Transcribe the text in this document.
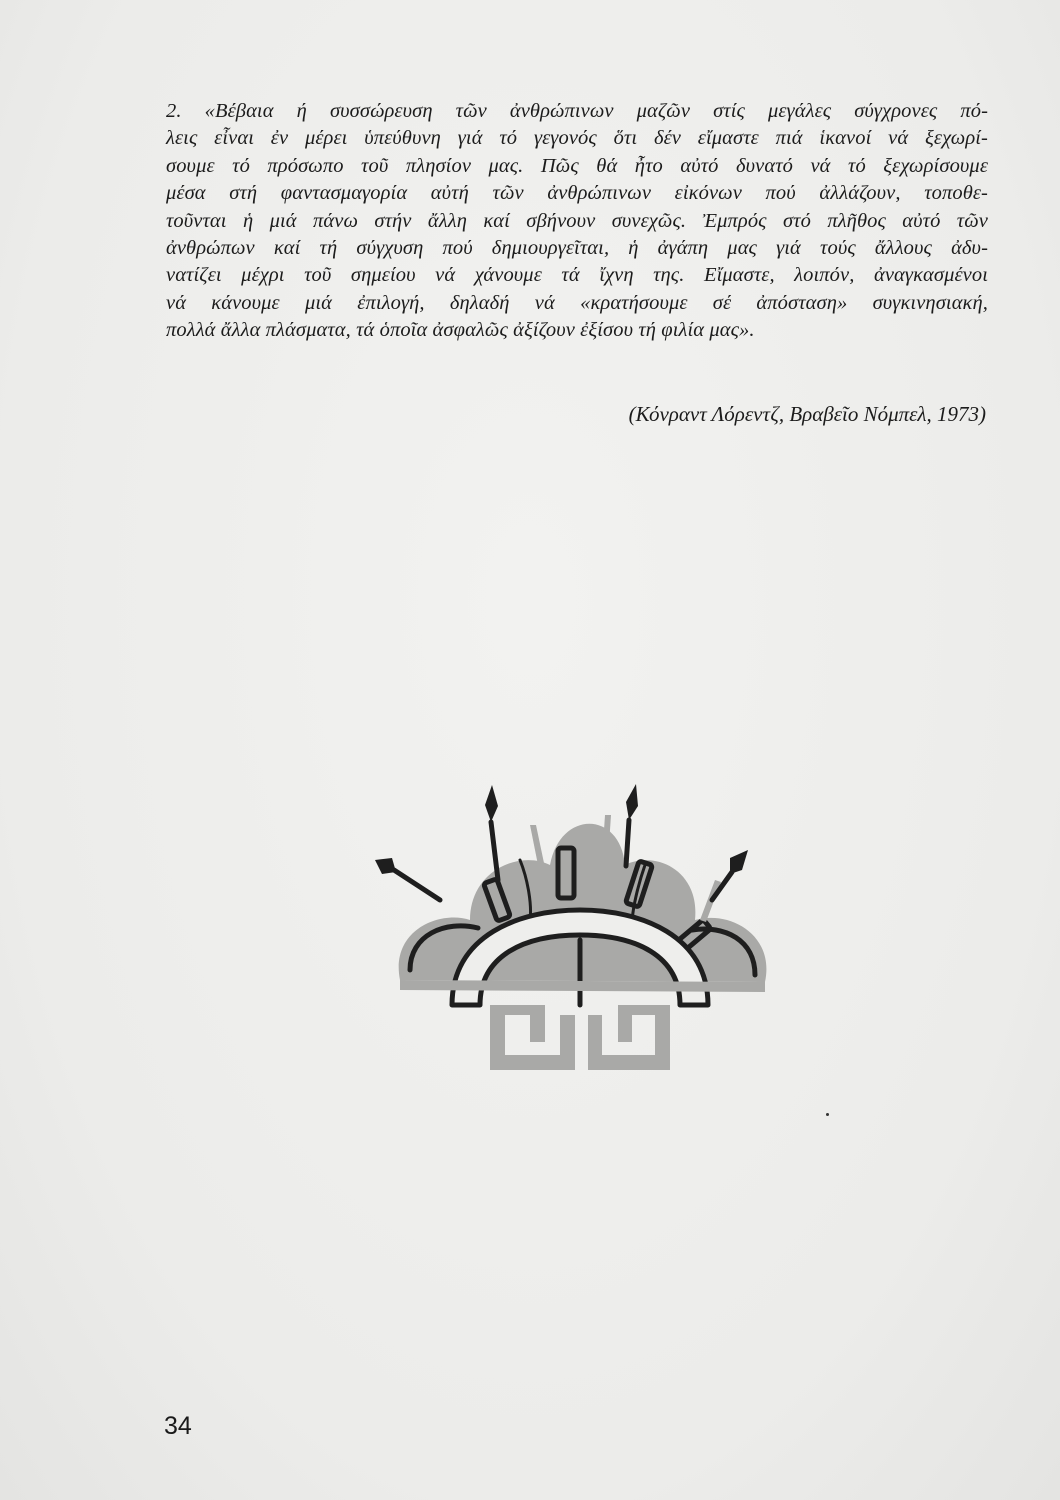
2. «Βέβαια ή συσσώρευση τῶν ἀνθρώπινων μαζῶν στίς μεγάλες σύγχρονες πό-
λεις εἶναι ἐν μέρει ὑπεύθυνη γιά τό γεγονός ὅτι δέν εἴμαστε πιά ἱκανοί νά ξεχωρί-
σουμε τό πρόσωπο τοῦ πλησίον μας. Πῶς θά ἦτο αὐτό δυνατό νά τό ξεχωρίσουμε
μέσα στή φαντασμαγορία αὐτή τῶν ἀνθρώπινων εἰκόνων πού ἀλλάζουν, τοποθε-
τοῦνται ἡ μιά πάνω στήν ἄλλη καί σβήνουν συνεχῶς. Ἐμπρός στό πλῆθος αὐτό τῶν
ἀνθρώπων καί τή σύγχυση πού δημιουργεῖται, ἡ ἀγάπη μας γιά τούς ἄλλους ἀδυ-
νατίζει μέχρι τοῦ σημείου νά χάνουμε τά ἴχνη της. Εἴμαστε, λοιπόν, ἀναγκασμένοι
νά κάνουμε μιά ἐπιλογή, δηλαδή νά «κρατήσουμε σέ ἀπόσταση» συγκινησιακή,
πολλά ἄλλα πλάσματα, τά ὁποῖα ἀσφαλῶς ἀξίζουν ἐξίσου τή φιλία μας».
(Κόνραντ Λόρεντζ, Βραβεῖο Νόμπελ, 1973)
34
